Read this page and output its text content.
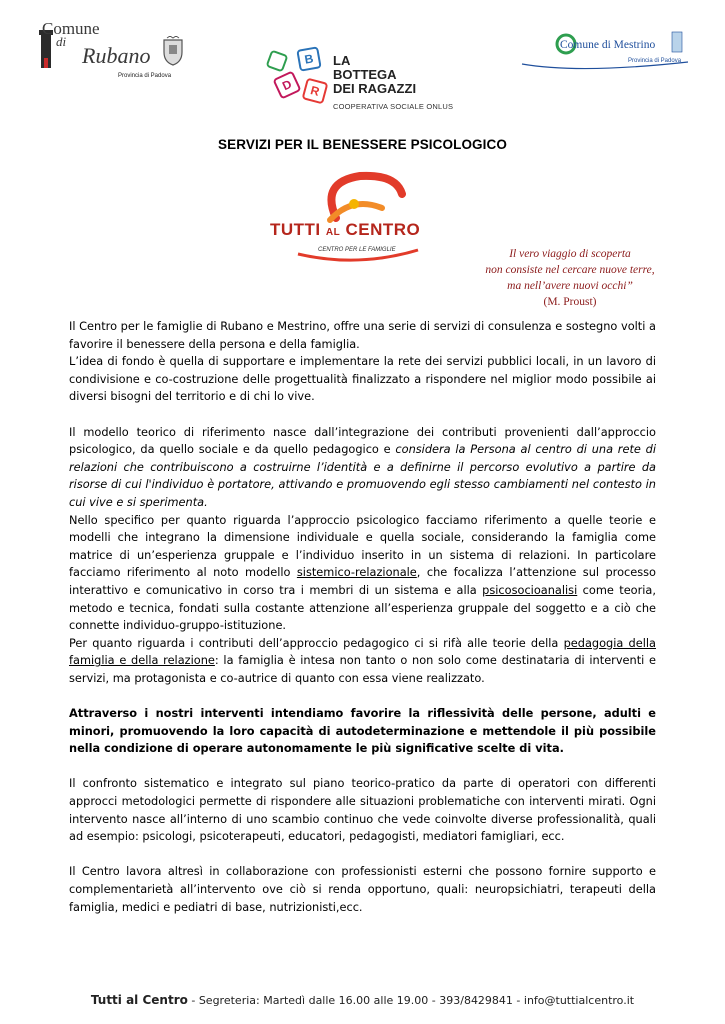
Comune
di
Rubano
Provincia di Padova
B
D	R
LA
BOTTEGA
DEI RAGAZZI
COOPERATIVA SOCIALE ONLUS
Comune di Mestrino
Provincia di Padova
SERVIZI PER IL BENESSERE PSICOLOGICO
TUTTI AL CENTRO
CENTRO PER LE FAMIGLIE	Il vero viaggio di scoperta
non consiste nel cercare nuove terre,
ma nell’avere nuovi occhi”
(M. Proust)

Il Centro per le famiglie di Rubano e Mestrino, offre una serie di servizi di consulenza e sostegno volti a favorire il benessere della persona e della famiglia.

L’idea di fondo è quella di supportare e implementare la rete dei servizi pubblici locali, in un lavoro di condivisione e co-costruzione delle progettualità finalizzato a rispondere nel miglior modo possibile ai diversi bisogni del territorio e di chi lo vive.

Il modello teorico di riferimento nasce dall’integrazione dei contributi provenienti dall’approccio psicologico, da quello sociale e da quello pedagogico e considera la Persona al centro di una rete di relazioni che contribuiscono a costruirne l’identità e a definirne il percorso evolutivo a partire da risorse di cui l'individuo è portatore, attivando e promuovendo egli stesso cambiamenti nel contesto in cui vive e si sperimenta.

Nello specifico per quanto riguarda l’approccio psicologico facciamo riferimento a quelle teorie e modelli che integrano la dimensione individuale e quella sociale, considerando la famiglia come matrice di un’esperienza gruppale e l’individuo inserito in un sistema di relazioni. In particolare facciamo riferimento al noto modello sistemico-relazionale, che focalizza l’attenzione sul processo interattivo e comunicativo in corso tra i membri di un sistema e alla psicosocioanalisi come teoria, metodo e tecnica, fondati sulla costante attenzione all’esperienza gruppale del soggetto e a ciò che connette individuo-gruppo-istituzione.

Per quanto riguarda i contributi dell’approccio pedagogico ci si rifà alle teorie della pedagogia della famiglia e della relazione: la famiglia è intesa non tanto o non solo come destinataria di interventi e servizi, ma protagonista e co-autrice di quanto con essa viene realizzato.

Attraverso i nostri interventi intendiamo favorire la riflessività delle persone, adulti e minori, promuovendo la loro capacità di autodeterminazione e mettendole il più possibile nella condizione di operare autonomamente le più significative scelte di vita.

Il confronto sistematico e integrato sul piano teorico-pratico da parte di operatori con differenti approcci metodologici permette di rispondere alle situazioni problematiche con interventi mirati. Ogni intervento nasce all’interno di uno scambio continuo che vede coinvolte diverse professionalità, quali ad esempio: psicologi, psicoterapeuti, educatori, pedagogisti, mediatori famigliari, ecc.

Il Centro lavora altresì in collaborazione con professionisti esterni che possono fornire supporto e complementarietà all’intervento ove ciò si renda opportuno, quali: neuropsichiatri, terapeuti della famiglia, medici e pediatri di base, nutrizionisti,ecc.

Tutti al Centro - Segreteria: Martedì dalle 16.00 alle 19.00 - 393/8429841 - info@tuttialcentro.it
